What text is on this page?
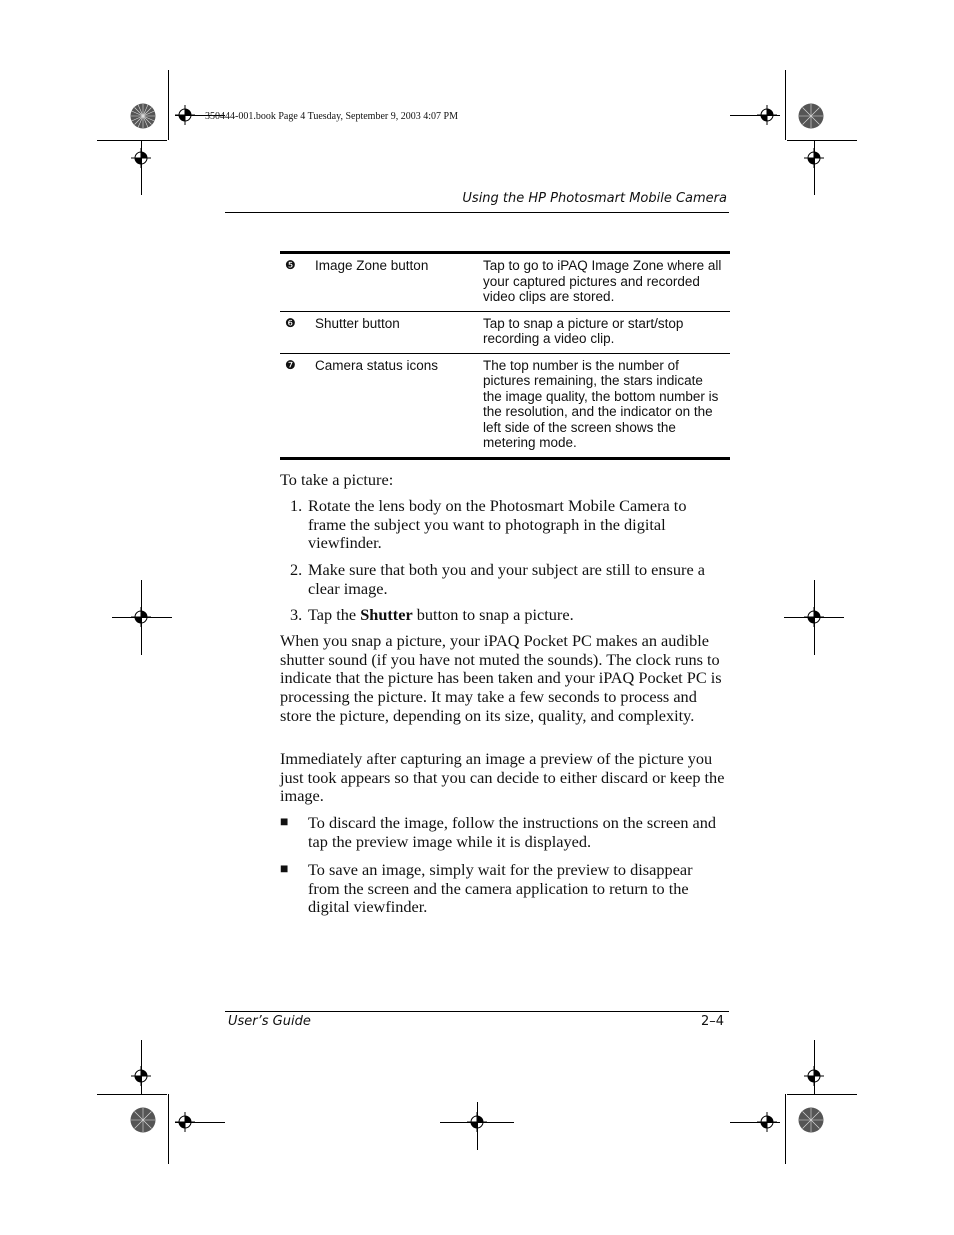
350444-001.book Page 4 Tuesday, September 9, 2003 4:07 PM
Using the HP Photosmart Mobile Camera
❺	Image Zone button	Tap to go to iPAQ Image Zone where all your captured pictures and recorded video clips are stored.
❻	Shutter button	Tap to snap a picture or start/stop recording a video clip.
❼	Camera status icons	The top number is the number of pictures remaining, the stars indicate the image quality, the bottom number is the resolution, and the indicator on the left side of the screen shows the metering mode.
To take a picture:
1. Rotate the lens body on the Photosmart Mobile Camera to frame the subject you want to photograph in the digital viewfinder.
2. Make sure that both you and your subject are still to ensure a clear image.
3. Tap the Shutter button to snap a picture.
When you snap a picture, your iPAQ Pocket PC makes an audible shutter sound (if you have not muted the sounds). The clock runs to indicate that the picture has been taken and your iPAQ Pocket PC is processing the picture. It may take a few seconds to process and store the picture, depending on its size, quality, and complexity.
Immediately after capturing an image a preview of the picture you just took appears so that you can decide to either discard or keep the image.
■	To discard the image, follow the instructions on the screen and tap the preview image while it is displayed.
■	To save an image, simply wait for the preview to disappear from the screen and the camera application to return to the digital viewfinder.
User’s Guide	2–4
